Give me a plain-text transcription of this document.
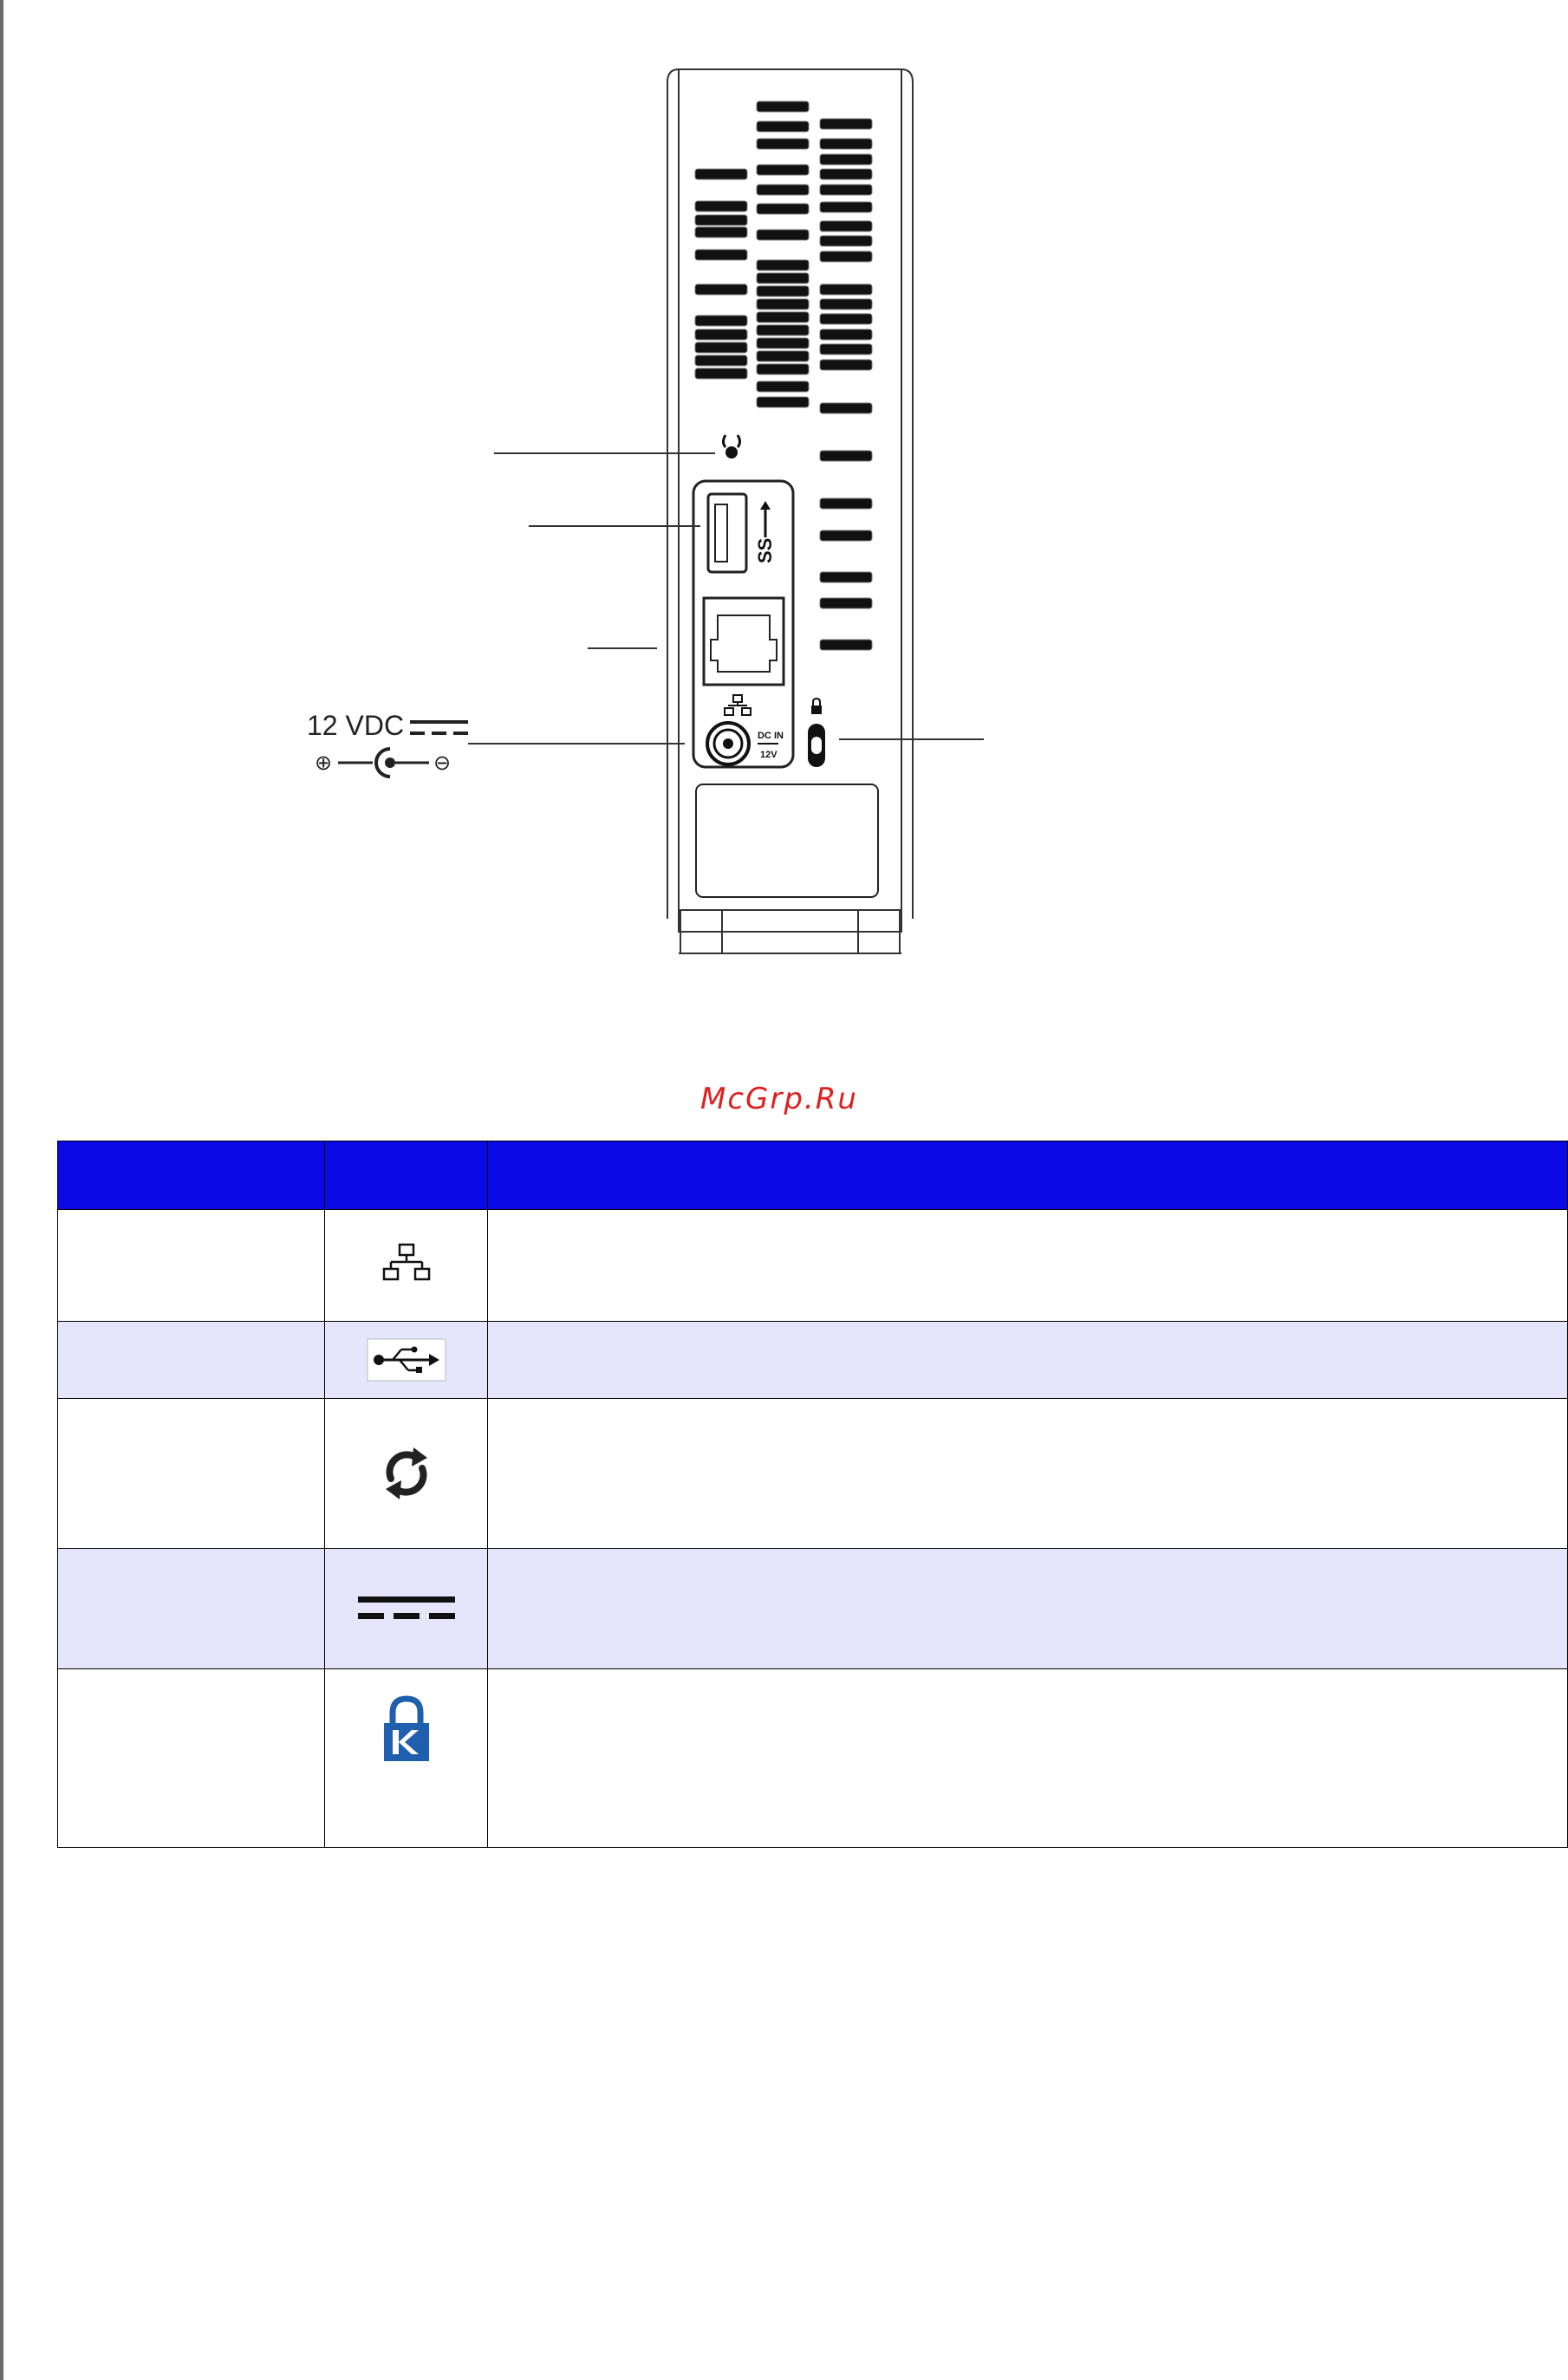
SS
DC IN
12V
12 VDC
⊕	⊖
McGrp.Ru
